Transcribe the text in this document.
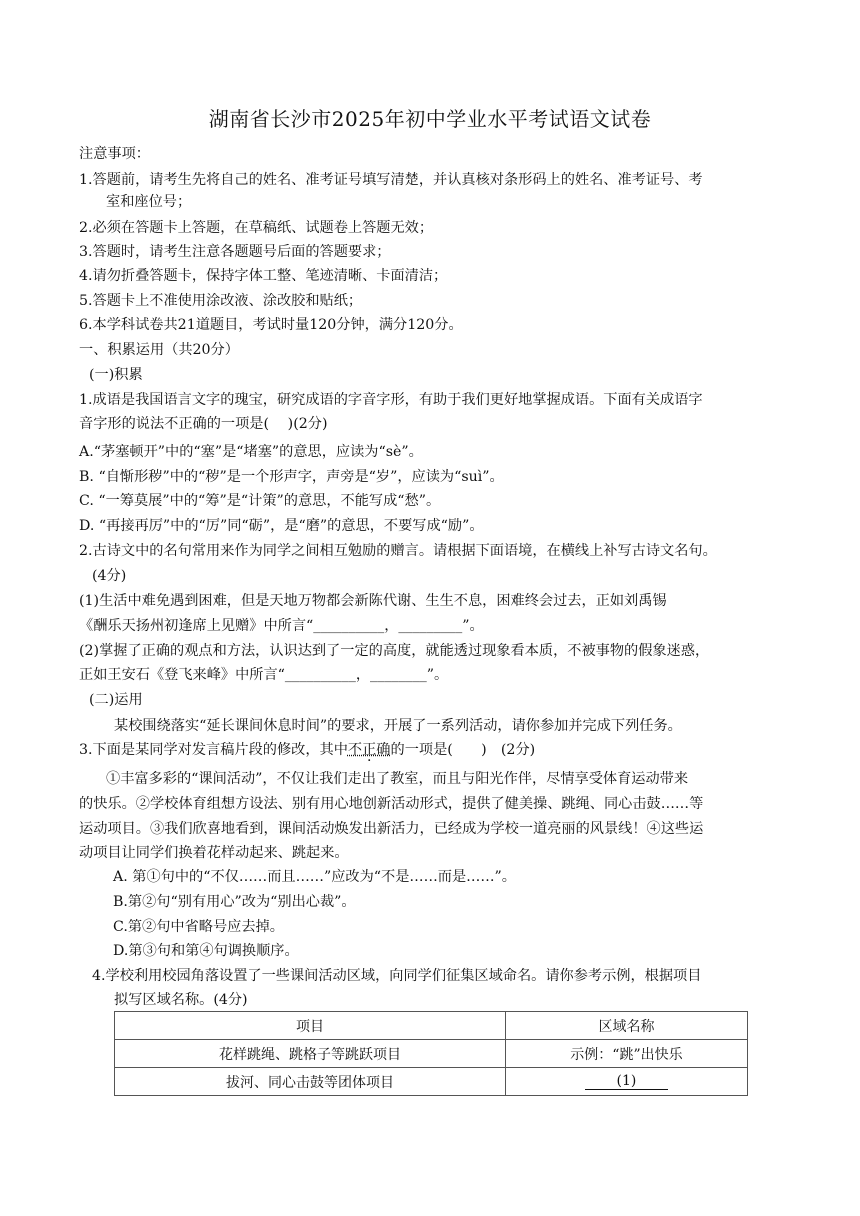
湖南省长沙市2025年初中学业水平考试语文试卷
注意事项：
1.答题前，请考生先将自己的姓名、准考证号填写清楚，并认真核对条形码上的姓名、准考证号、考
室和座位号；
2.必须在答题卡上答题，在草稿纸、试题卷上答题无效；
3.答题时，请考生注意各题题号后面的答题要求；
4.请勿折叠答题卡，保持字体工整、笔迹清晰、卡面清洁；
5.答题卡上不准使用涂改液、涂改胶和贴纸；
6.本学科试卷共21道题目，考试时量120分钟，满分120分。
一、积累运用（共20分）
(一)积累
1.成语是我国语言文字的瑰宝，研究成语的字音字形，有助于我们更好地掌握成语。下面有关成语字
音字形的说法不正确的一项是(　 )(2分)
A.“茅塞顿开”中的“塞”是“堵塞”的意思，应读为“sè”。
B. “自惭形秽”中的“秽”是一个形声字，声旁是“岁”，应读为“suì”。
C. “一筹莫展”中的“筹”是“计策”的意思，不能写成“愁”。
D. “再接再厉”中的“厉”同“砺”，是“磨”的意思，不要写成“励”。
2.古诗文中的名句常用来作为同学之间相互勉励的赠言。请根据下面语境，在横线上补写古诗文名句。
(4分)
(1)生活中难免遇到困难，但是天地万物都会新陈代谢、生生不息，困难终会过去，正如刘禹锡
《酬乐天扬州初逢席上见赠》中所言“__________，_________”。
(2)掌握了正确的观点和方法，认识达到了一定的高度，就能透过现象看本质，不被事物的假象迷惑，
正如王安石《登飞来峰》中所言“__________，________”。
(二)运用
某校围绕落实“延长课间休息时间”的要求，开展了一系列活动，请你参加并完成下列任务。
3.下面是某同学对发言稿片段的修改，其中不正确的一项是(　　)　(2分)
①丰富多彩的“课间活动”，不仅让我们走出了教室，而且与阳光作伴，尽情享受体育运动带来
的快乐。②学校体育组想方设法、别有用心地创新活动形式，提供了健美操、跳绳、同心击鼓……等
运动项目。③我们欣喜地看到，课间活动焕发出新活力，已经成为学校一道亮丽的风景线！④这些运
动项目让同学们换着花样动起来、跳起来。
A. 第①句中的“不仅……而且……”应改为“不是……而是……”。
B.第②句“别有用心”改为“别出心裁”。
C.第②句中省略号应去掉。
D.第③句和第④句调换顺序。
4.学校利用校园角落设置了一些课间活动区域，向同学们征集区域命名。请你参考示例，根据项目
拟写区域名称。(4分)
项目	区域名称
花样跳绳、跳格子等跳跃项目	示例：“跳”出快乐
拔河、同心击鼓等团体项目	(1)
